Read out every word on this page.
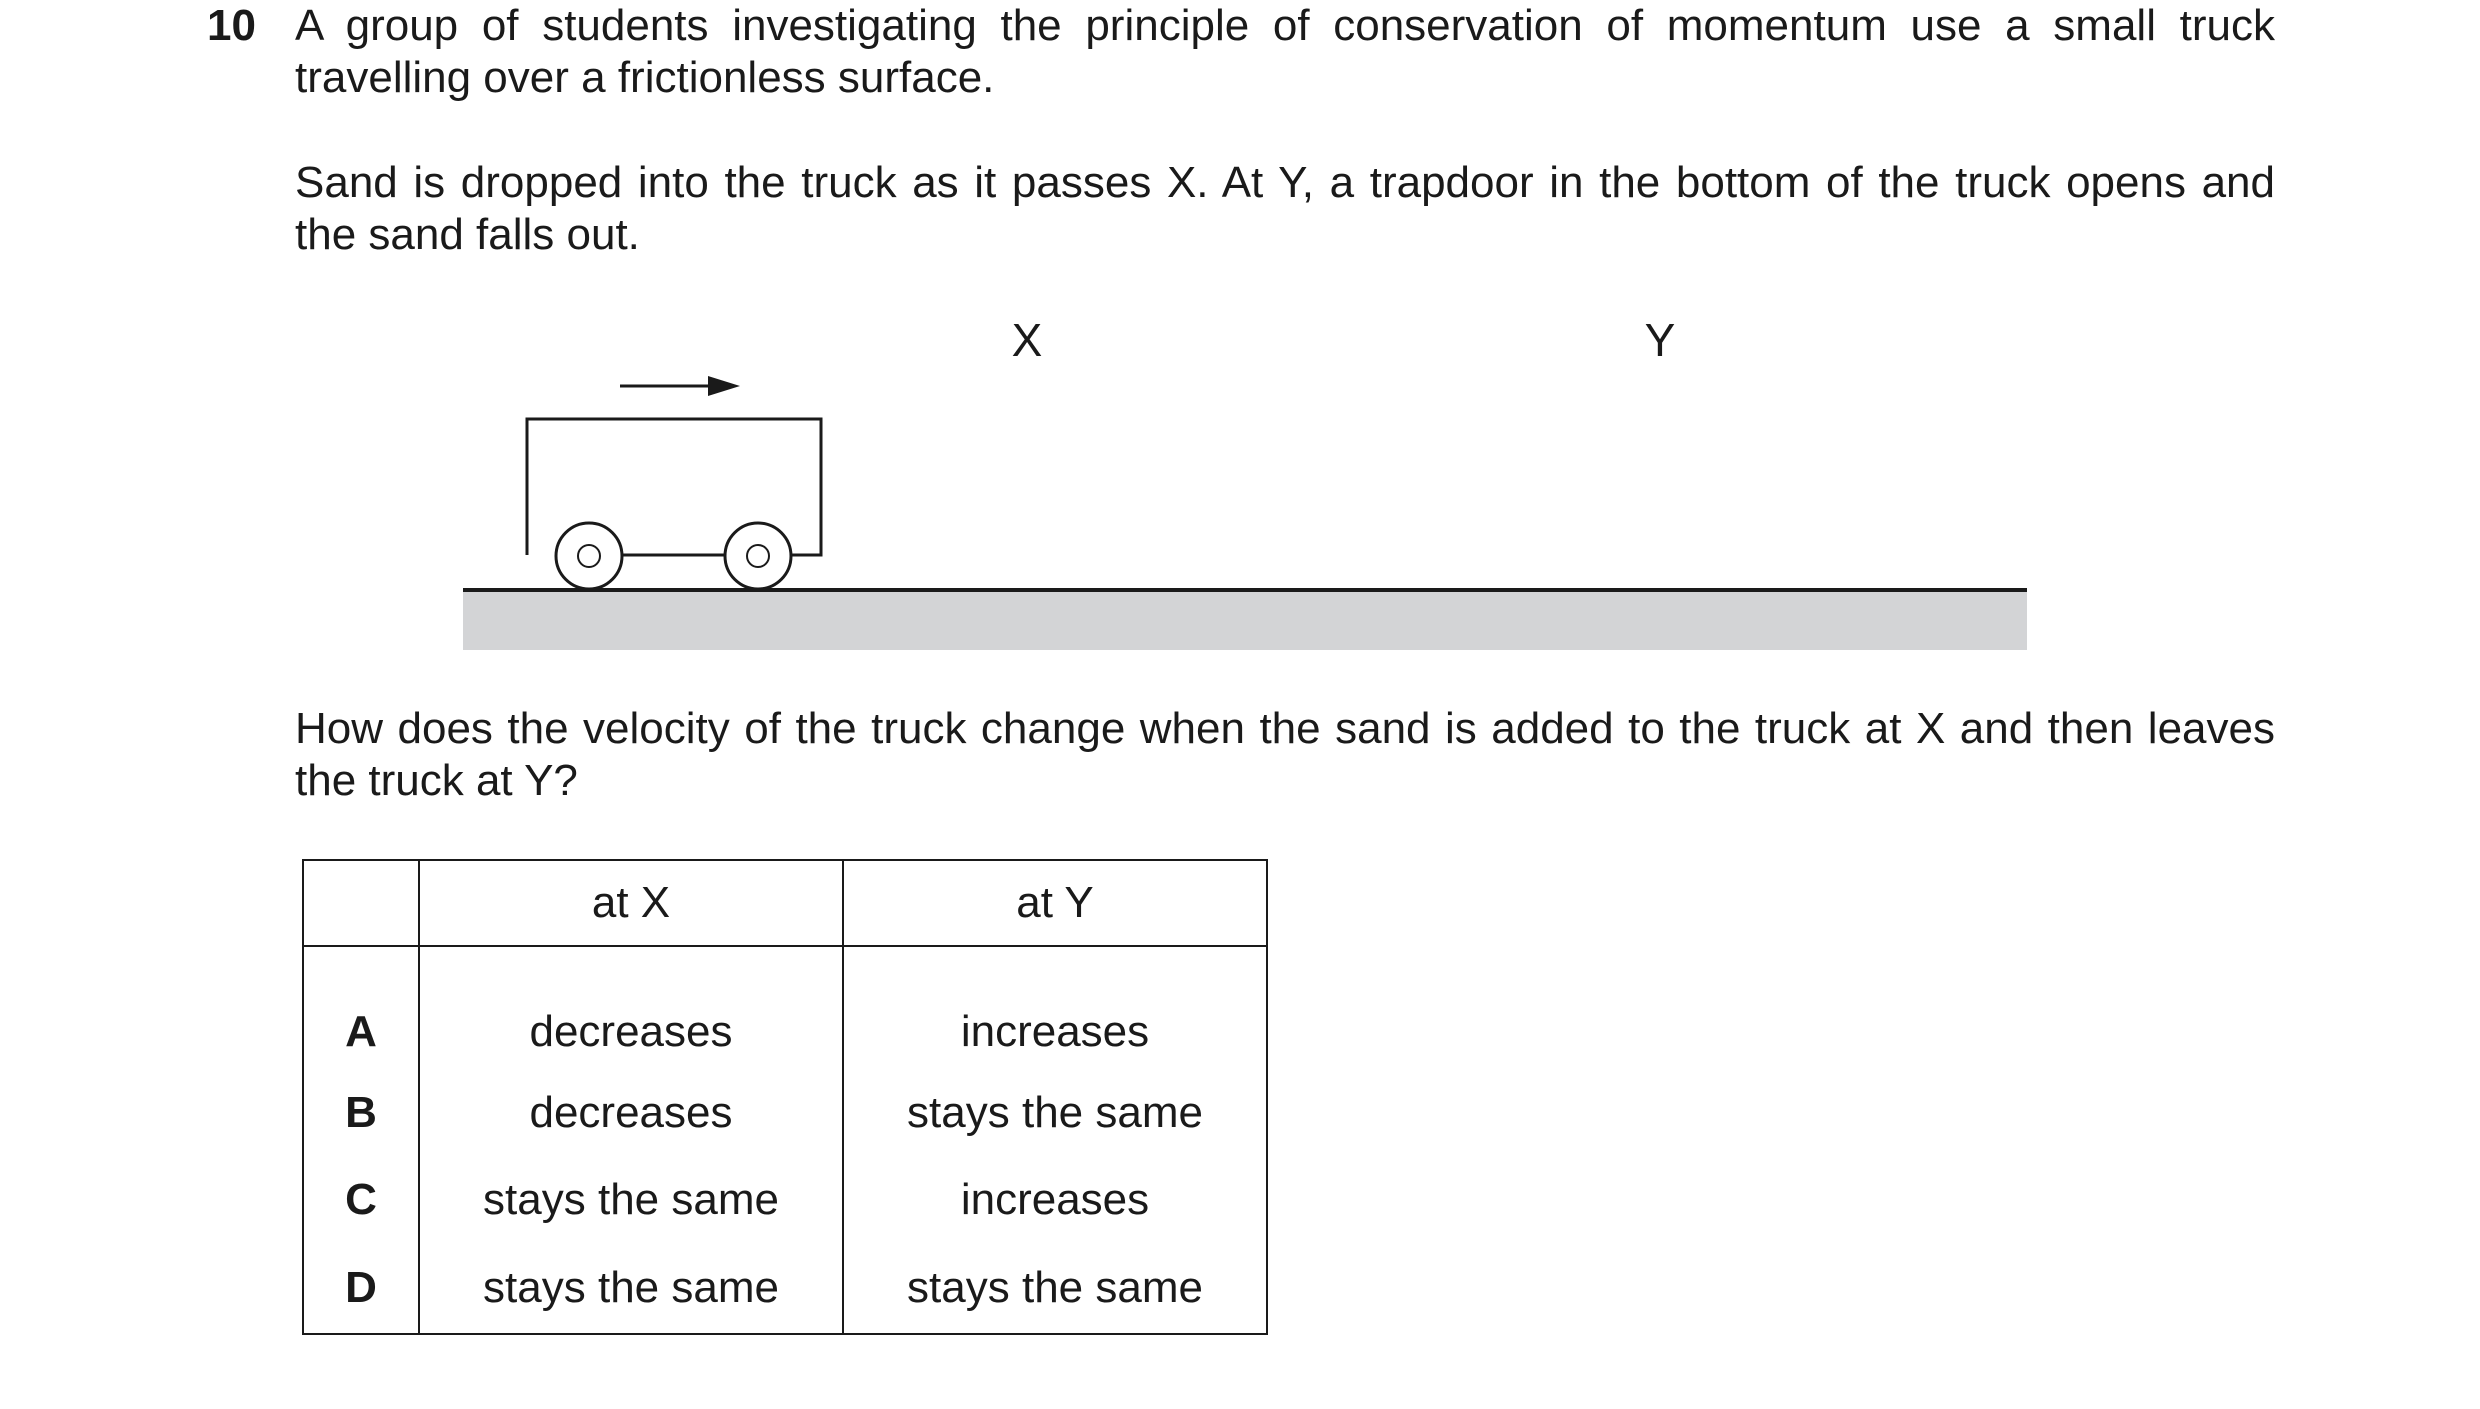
10 A group of students investigating the principle of conservation of momentum use a small truck travelling over a frictionless surface.
Sand is dropped into the truck as it passes X. At Y, a trapdoor in the bottom of the truck opens and the sand falls out.
X	Y
How does the velocity of the truck change when the sand is added to the truck at X and then leaves the truck at Y?
	at X	at Y
A	decreases	increases
B	decreases	stays the same
C	stays the same	increases
D	stays the same	stays the same
